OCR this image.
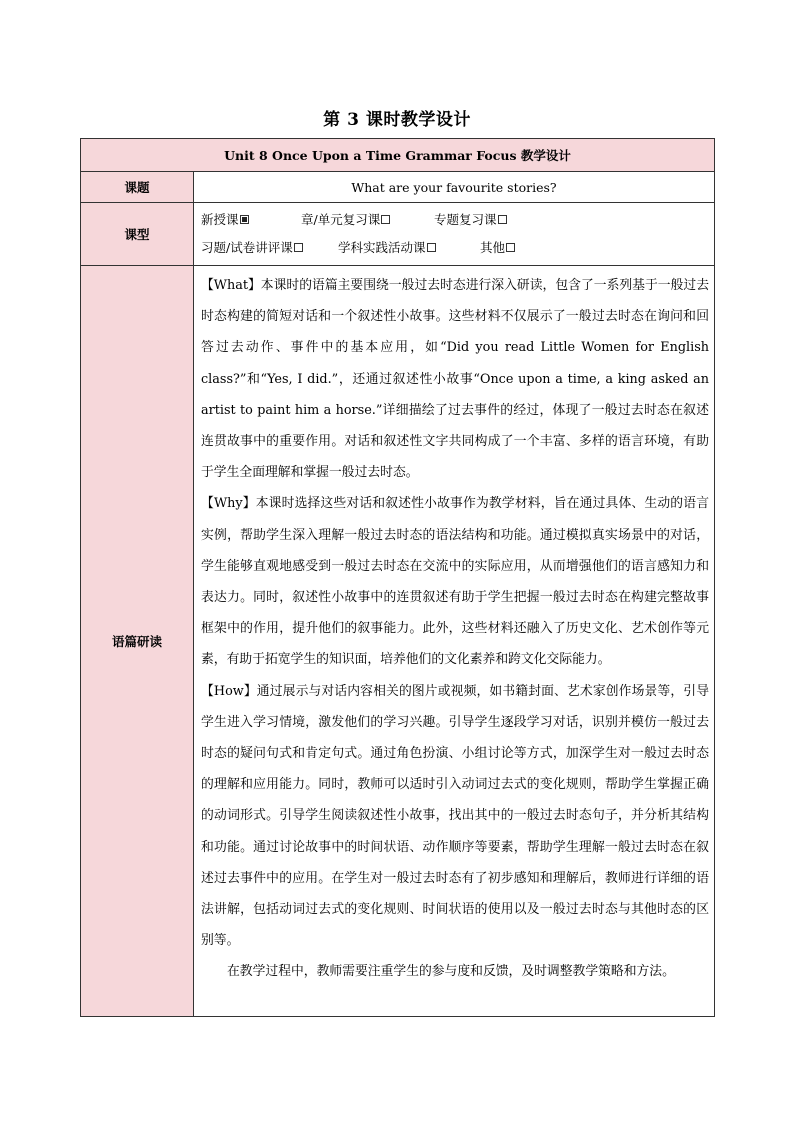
第 3 课时教学设计
Unit 8 Once Upon a Time Grammar Focus 教学设计	
课题	What are your favourite stories?
课型	新授课 章/单元复习课 专题复习课
习题/试卷讲评课 学科实践活动课 其他

语篇研读	【What】本课时的语篇主要围绕一般过去时态进行深入研读，包含了一系列基于一般过去时态构建的简短对话和一个叙述性小故事。这些材料不仅展示了一般过去时态在询问和回答过去动作、事件中的基本应用，如“Did you read Little Women for English class?”和“Yes, I did.”，还通过叙述性小故事“Once upon a time, a king asked an artist to paint him a horse.”详细描绘了过去事件的经过，体现了一般过去时态在叙述连贯故事中的重要作用。对话和叙述性文字共同构成了一个丰富、多样的语言环境，有助于学生全面理解和掌握一般过去时态。

【Why】本课时选择这些对话和叙述性小故事作为教学材料，旨在通过具体、生动的语言实例，帮助学生深入理解一般过去时态的语法结构和功能。通过模拟真实场景中的对话，学生能够直观地感受到一般过去时态在交流中的实际应用，从而增强他们的语言感知力和表达力。同时，叙述性小故事中的连贯叙述有助于学生把握一般过去时态在构建完整故事框架中的作用，提升他们的叙事能力。此外，这些材料还融入了历史文化、艺术创作等元素，有助于拓宽学生的知识面，培养他们的文化素养和跨文化交际能力。

【How】通过展示与对话内容相关的图片或视频，如书籍封面、艺术家创作场景等，引导学生进入学习情境，激发他们的学习兴趣。引导学生逐段学习对话，识别并模仿一般过去时态的疑问句式和肯定句式。通过角色扮演、小组讨论等方式，加深学生对一般过去时态的理解和应用能力。同时，教师可以适时引入动词过去式的变化规则，帮助学生掌握正确的动词形式。引导学生阅读叙述性小故事，找出其中的一般过去时态句子，并分析其结构和功能。通过讨论故事中的时间状语、动作顺序等要素，帮助学生理解一般过去时态在叙述过去事件中的应用。在学生对一般过去时态有了初步感知和理解后，教师进行详细的语法讲解，包括动词过去式的变化规则、时间状语的使用以及一般过去时态与其他时态的区别等。

在教学过程中，教师需要注重学生的参与度和反馈，及时调整教学策略和方法。
